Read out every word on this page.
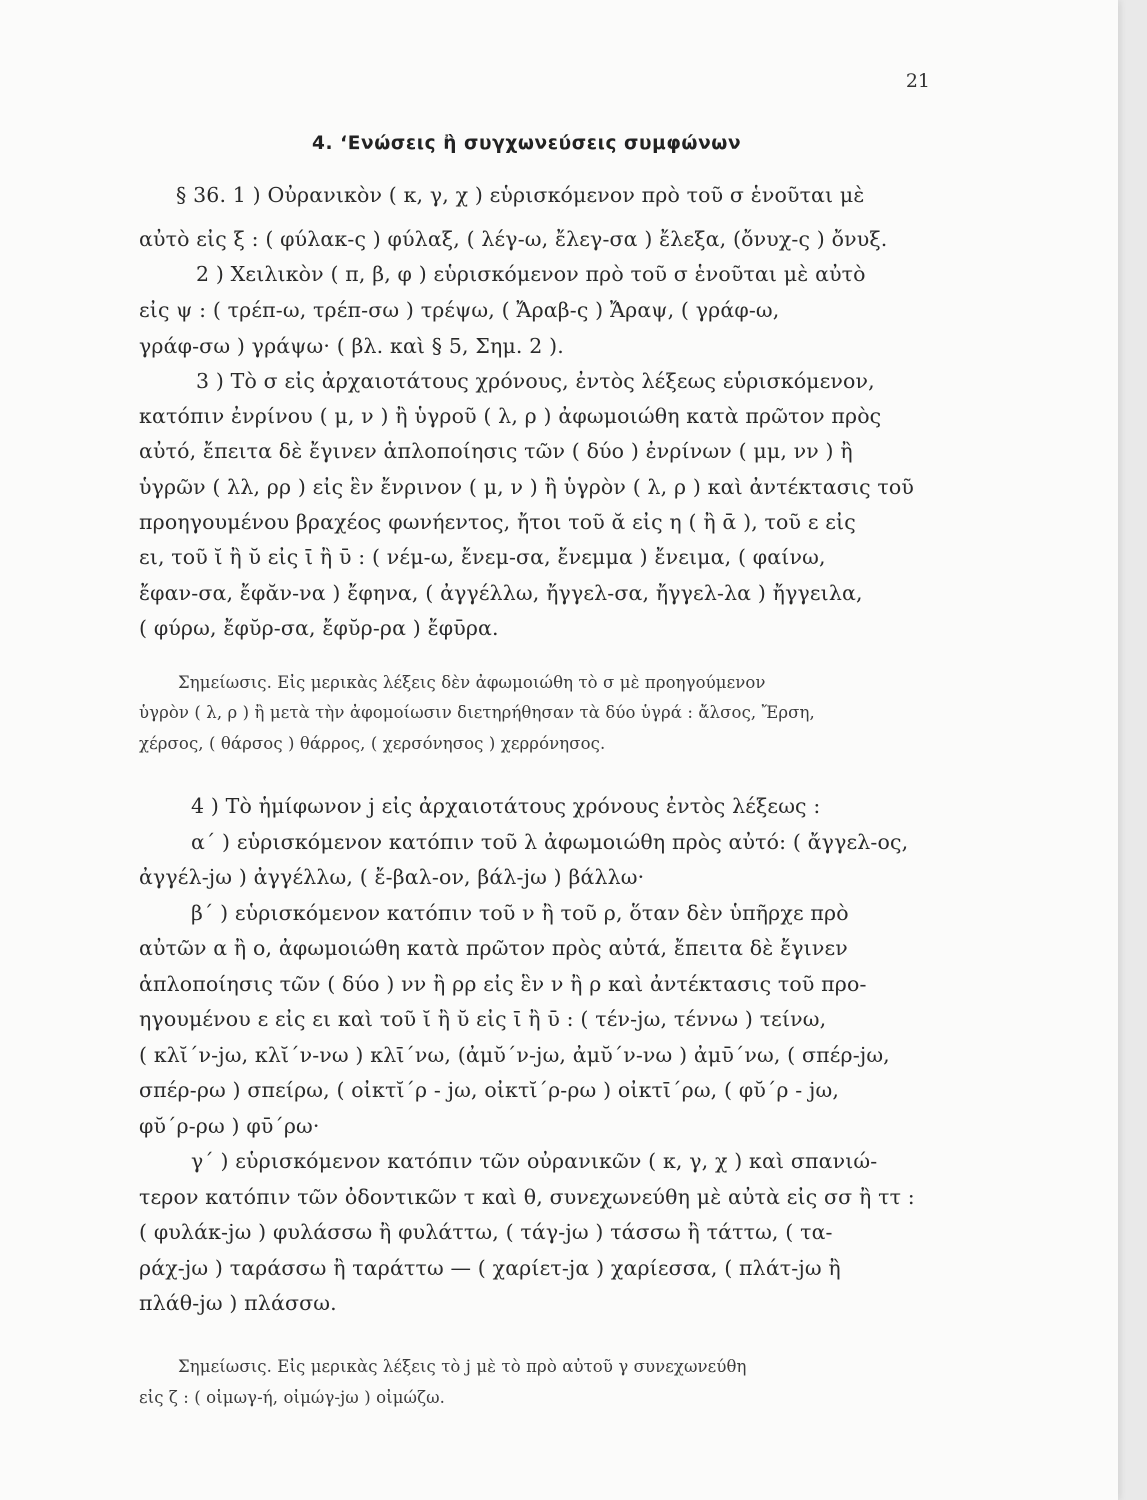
21
4. ‘Ενώσεις ἢ συγχωνεύσεις συμφώνων
§ 36. 1 ) Οὐρανικὸν ( κ, γ, χ ) εὑρισκόμενον πρὸ τοῦ σ ἑνοῦται μὲ
αὐτὸ εἰς ξ : ( φύλακ-ς ) φύλαξ, ( λέγ-ω, ἔλεγ-σα ) ἔλεξα, (ὄνυχ-ς ) ὄνυξ.
2 ) Χειλικὸν ( π, β, φ ) εὑρισκόμενον πρὸ τοῦ σ ἑνοῦται μὲ αὐτὸ
εἰς ψ : ( τρέπ-ω, τρέπ-σω ) τρέψω, ( Ἄραβ-ς ) Ἄραψ, ( γράφ-ω,
γράφ-σω ) γράψω· ( βλ. καὶ § 5, Σημ. 2 ).
3 ) Τὸ σ εἰς ἀρχαιοτάτους χρόνους, ἐντὸς λέξεως εὑρισκόμενον,
κατόπιν ἐνρίνου ( μ, ν ) ἢ ὑγροῦ ( λ, ρ ) ἀφωμοιώθη κατὰ πρῶτον πρὸς
αὐτό, ἔπειτα δὲ ἔγινεν ἁπλοποίησις τῶν ( δύο ) ἐνρίνων ( μμ, νν ) ἢ
ὑγρῶν ( λλ, ρρ ) εἰς ἓν ἔνρινον ( μ, ν ) ἢ ὑγρὸν ( λ, ρ ) καὶ ἀντέκτασις τοῦ
προηγουμένου βραχέος φωνήεντος, ἤτοι τοῦ ᾰ εἰς η ( ἢ ᾱ ), τοῦ ε εἰς
ει, τοῦ ῐ ἢ ῠ εἰς ῑ ἢ ῡ : ( νέμ-ω, ἔνεμ-σα, ἔνεμμα ) ἔνειμα, ( φαίνω,
ἔφαν-σα, ἔφᾰν-να ) ἔφηνα, ( ἀγγέλλω, ἤγγελ-σα, ἤγγελ-λα ) ἤγγειλα,
( φύρω, ἔφῠρ-σα, ἔφῠρ-ρα ) ἔφῡρα.
Σημείωσις. Εἰς μερικὰς λέξεις δὲν ἀφωμοιώθη τὸ σ μὲ προηγούμενον
ὑγρὸν ( λ, ρ ) ἢ μετὰ τὴν ἀφομοίωσιν διετηρήθησαν τὰ δύο ὑγρά : ἄλσος, Ἔρση,
χέρσος, ( θάρσος ) θάρρος, ( χερσόνησος ) χερρόνησος.
4 ) Τὸ ἡμίφωνον j εἰς ἀρχαιοτάτους χρόνους ἐντὸς λέξεως :
α΄ ) εὑρισκόμενον κατόπιν τοῦ λ ἀφωμοιώθη πρὸς αὐτό: ( ἄγγελ-ος,
ἀγγέλ-jω ) ἀγγέλλω, ( ἔ-βαλ-ον, βάλ-jω ) βάλλω·
β΄ ) εὑρισκόμενον κατόπιν τοῦ ν ἢ τοῦ ρ, ὅταν δὲν ὑπῆρχε πρὸ
αὐτῶν α ἢ ο, ἀφωμοιώθη κατὰ πρῶτον πρὸς αὐτά, ἔπειτα δὲ ἔγινεν
ἁπλοποίησις τῶν ( δύο ) νν ἢ ρρ εἰς ἓν ν ἢ ρ καὶ ἀντέκτασις τοῦ προ-
ηγουμένου ε εἰς ει καὶ τοῦ ῐ ἢ ῠ εἰς ῑ ἢ ῡ : ( τέν-jω, τέννω ) τείνω,
( κλῐ΄ν-jω, κλῐ΄ν-νω ) κλῑ΄νω, (ἀμῠ΄ν-jω, ἀμῠ΄ν-νω ) ἀμῡ΄νω, ( σπέρ-jω,
σπέρ-ρω ) σπείρω, ( οἰκτῐ΄ρ - jω, οἰκτῐ΄ρ-ρω ) οἰκτῑ΄ρω, ( φῠ΄ρ - jω,
φῠ΄ρ-ρω ) φῡ΄ρω·
γ΄ ) εὑρισκόμενον κατόπιν τῶν οὐρανικῶν ( κ, γ, χ ) καὶ σπανιώ-
τερον κατόπιν τῶν ὀδοντικῶν τ καὶ θ, συνεχωνεύθη μὲ αὐτὰ εἰς σσ ἢ ττ :
( φυλάκ-jω ) φυλάσσω ἢ φυλάττω, ( τάγ-jω ) τάσσω ἢ τάττω, ( τα-
ράχ-jω ) ταράσσω ἢ ταράττω — ( χαρίετ-jα ) χαρίεσσα, ( πλάτ-jω ἢ
πλάθ-jω ) πλάσσω.
Σημείωσις. Εἰς μερικὰς λέξεις τὸ j μὲ τὸ πρὸ αὐτοῦ γ συνεχωνεύθη
εἰς ζ : ( οἱμωγ-ή, οἰμώγ-jω ) οἰμώζω.
